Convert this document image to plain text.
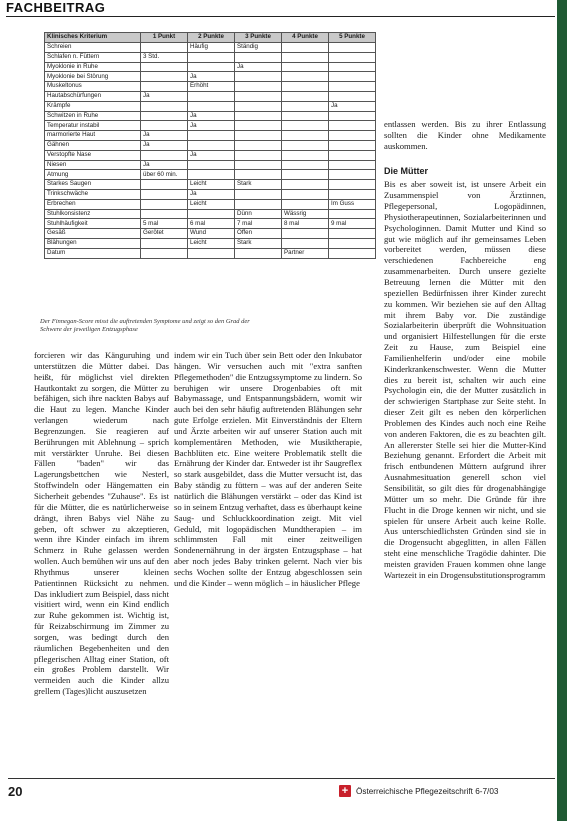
FACHBEITRAG
Klinisches Kriterium	1 Punkt	2 Punkte	3 Punkte	4 Punkte	5 Punkte
Schreien		Häufig	Ständig		
Schlafen n. Füttern	3 Std.				
Myoklonie in Ruhe			Ja		
Myoklonie bei Störung		Ja			
Muskeltonus		Erhöht			
Hautabschürfungen	Ja				
Krämpfe					Ja
Schwitzen in Ruhe		Ja			
Temperatur instabil		Ja			
marmorierte Haut	Ja				
Gähnen	Ja				
Verstopfte Nase		Ja			
Niesen	Ja				
Atmung	über 60 min.				
Starkes Saugen		Leicht	Stark		
Trinkschwäche		Ja			
Erbrechen		Leicht			Im Guss
Stuhlkonsistenz			Dünn	Wässrig	
Stuhlhäufigkeit	5 mal	6 mal	7 mal	8 mal	9 mal
Gesäß	Gerötet	Wund	Offen		
Blähungen		Leicht	Stark		
Datum				Partner	

Der Finnegan-Score misst die auftretenden Symptome und zeigt so den Grad der Schwere der jeweiligen Entzugsphase

forcieren wir das Känguruhing und unterstützen die Mütter dabei. Das heißt, für möglichst viel direkten Hautkontakt zu sorgen, die Mütter zu befähigen, sich ihre nackten Babys auf die Haut zu legen. Manche Kinder verlangen wiederum nach Begrenzungen. Sie reagieren auf Berührungen mit Ablehnung – sprich mit verstärkter Unruhe. Bei diesen Fällen "baden" wir das Lagerungsbettchen wie Nesterl, Stoffwindeln oder Hängematten ein Sicherheit gebendes "Zuhause". Es ist für die Mütter, die es natürlicherweise drängt, ihren Babys viel Nähe zu geben, oft schwer zu akzeptieren, wenn ihre Kinder einfach im ihrem Schmerz in Ruhe gelassen werden wollen. Auch bemühen wir uns auf den Rhythmus unserer kleinen Patientinnen Rücksicht zu nehmen. Das inkludiert zum Beispiel, dass nicht visitiert wird, wenn ein Kind endlich zur Ruhe gekommen ist. Wichtig ist, für Reizabschirmung im Zimmer zu sorgen, was bedingt durch den räumlichen Begebenheiten und den pflegerischen Alltag einer Station, oft ein großes Problem darstellt. Wir vermeiden auch die Kinder allzu grellem (Tages)licht auszusetzen

indem wir ein Tuch über sein Bett oder den Inkubator hängen. Wir versuchen auch mit "extra sanften Pflegemethoden" die Entzugssymptome zu lindern. So beruhigen wir unsere Drogenbabies oft mit Babymassage, und Entspannungsbädern, womit wir auch bei den sehr häufig auftretenden Blähungen sehr gute Erfolge erzielen. Mit Einverständnis der Eltern und Ärzte arbeiten wir auf unserer Station auch mit komplementären Methoden, wie Musiktherapie, Bachblüten etc. Eine weitere Problematik stellt die Ernährung der Kinder dar. Entweder ist ihr Saugreflex so stark ausgebildet, dass die Mutter versucht ist, das Baby ständig zu füttern – was auf der anderen Seite natürlich die Blähungen verstärkt – oder das Kind ist so in seinem Entzug verhaftet, dass es überhaupt keine Saug- und Schluckkoordination zeigt. Mit viel Geduld, mit logopädischen Mundtherapien – im schlimmsten Fall mit einer zeitweiligen Sondenernährung in der ärgsten Entzugsphase – hat aber noch jedes Baby trinken gelernt. Nach vier bis sechs Wochen sollte der Entzug abgeschlossen sein und die Kinder – wenn möglich – in häuslicher Pflege

entlassen werden. Bis zu ihrer Entlassung sollten die Kinder ohne Medikamente auskommen.

Die Mütter

Bis es aber soweit ist, ist unsere Arbeit ein Zusammenspiel von Ärztinnen, Pflegepersonal, Logopädinnen, Physiotherapeutinnen, Sozialarbeiterinnen und Psychologinnen. Damit Mutter und Kind so gut wie möglich auf ihr gemeinsames Leben vorbereitet werden, müssen diese verschiedenen Fachbereiche eng zusammenarbeiten. Durch unsere gezielte Betreuung lernen die Mütter mit den speziellen Bedürfnissen ihrer Kinder zurecht zu kommen. Wir beziehen sie auf den Alltag mit ihrem Baby vor. Die zuständige Sozialarbeiterin überprüft die Wohnsituation und organisiert Hilfestellungen für die erste Zeit zu Hause, zum Beispiel eine Familienhelferin und/oder eine mobile Kinderkrankenschwester. Wenn die Mutter dies zu bereit ist, schalten wir auch eine Psychologin ein, die der Mutter zusätzlich in der schwierigen Startphase zur Seite steht. In dieser Zeit gilt es neben den körperlichen Problemen des Kindes auch noch eine Reihe von anderen Faktoren, die es zu beachten gilt. An allererster Stelle sei hier die Mutter-Kind Beziehung genannt. Erfordert die Arbeit mit frisch entbundenen Müttern aufgrund ihrer Ausnahmesituation generell schon viel Sensibilität, so gilt dies für drogenabhängige Mütter um so mehr. Die Gründe für ihre Flucht in die Droge kennen wir nicht, und sie spielen für unsere Arbeit auch keine Rolle. Aus unterschiedlichsten Gründen sind sie in die Drogensucht abgeglitten, in allen Fällen steht eine menschliche Tragödie dahinter. Die meisten graviden Frauen kommen ohne lange Wartezeit in ein Drogensubstitutionsprogramm

20	+ Österreichische Pflegezeitschrift 6-7/03
